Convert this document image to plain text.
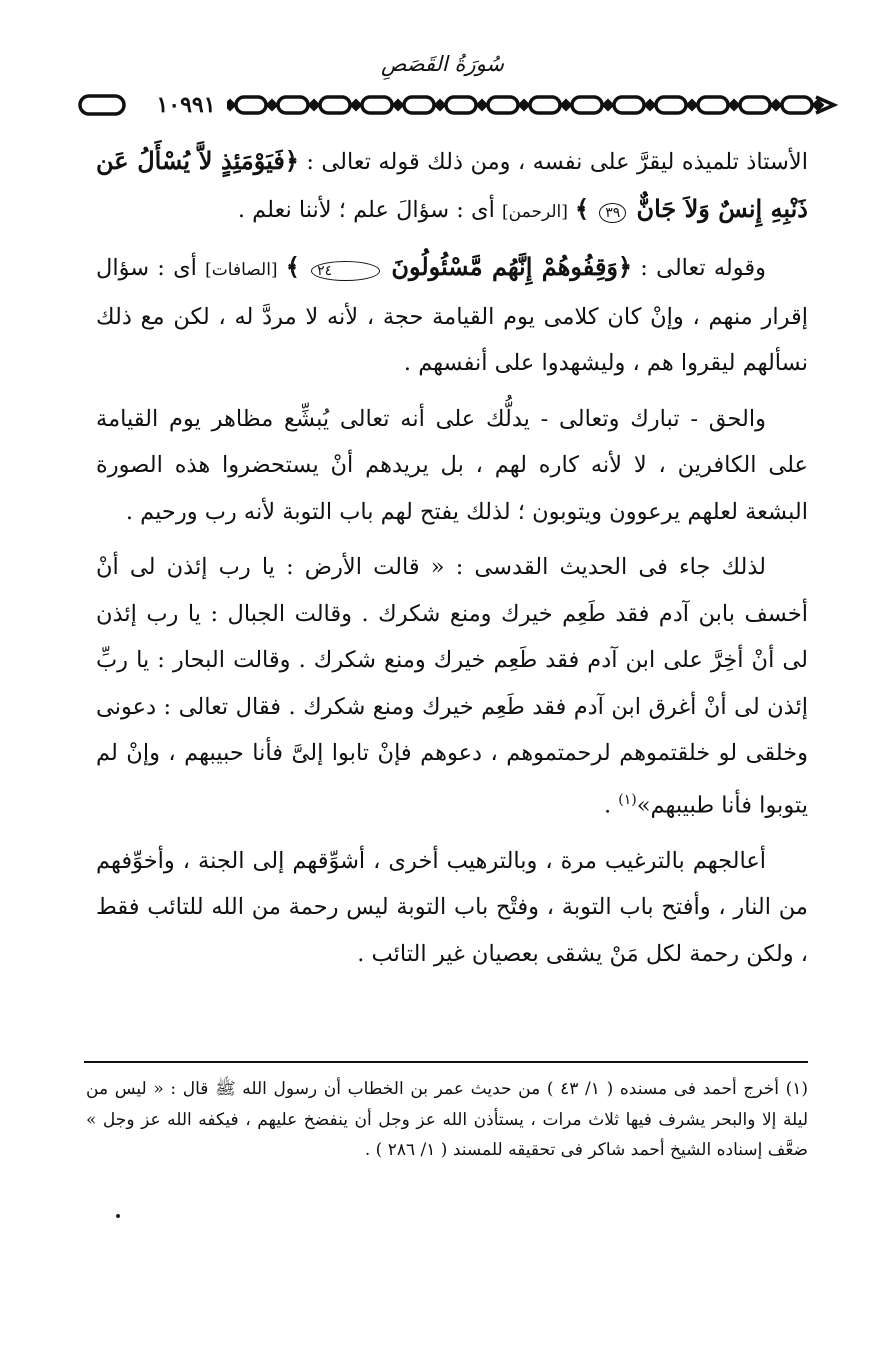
سُورَةُ القَصَصِ
١٠٩٩١

الأستاذ تلميذه ليقرَّ على نفسه ، ومن ذلك قوله تعالى : ﴿فَيَوْمَئِذٍ لاَّ يُسْأَلُ عَن ذَنْبِهِ إِنسٌ وَلاَ جَانٌّ ٣٩ ﴾ [الرحمن] أى : سؤالَ علم ؛ لأننا نعلم .

وقوله تعالى : ﴿وَقِفُوهُمْ إِنَّهُم مَّسْئُولُونَ ٢٤ ﴾ [الصافات] أى : سؤال إقرار منهم ، وإنْ كان كلامى يوم القيامة حجة ، لأنه لا مردَّ له ، لكن مع ذلك نسألهم ليقروا هم ، وليشهدوا على أنفسهم .

والحق - تبارك وتعالى - يدلُّك على أنه تعالى يُبشِّع مظاهر يوم القيامة على الكافرين ، لا لأنه كاره لهم ، بل يريدهم أنْ يستحضروا هذه الصورة البشعة لعلهم يرعوون ويتوبون ؛ لذلك يفتح لهم باب التوبة لأنه رب ورحيم .

لذلك جاء فى الحديث القدسى : « قالت الأرض : يا رب إئذن لى أنْ أخسف بابن آدم فقد طَعِم خيرك ومنع شكرك . وقالت الجبال : يا رب إئذن لى أنْ أخِرَّ على ابن آدم فقد طَعِم خيرك ومنع شكرك . وقالت البحار : يا ربِّ إئذن لى أنْ أغرق ابن آدم فقد طَعِم خيرك ومنع شكرك . فقال تعالى : دعونى وخلقى لو خلقتموهم لرحمتموهم ، دعوهم فإنْ تابوا إلىَّ فأنا حبيبهم ، وإنْ لم يتوبوا فأنا طبيبهم»$^{(١)}$ .

أعالجهم بالترغيب مرة ، وبالترهيب أخرى ، أشوِّقهم إلى الجنة ، وأخوِّفهم من النار ، وأفتح باب التوبة ، وفتْح باب التوبة ليس رحمة من الله للتائب فقط ، ولكن رحمة لكل مَنْ يشقى بعصيان غير التائب .

(١) أخرج أحمد فى مسنده ( ١/ ٤٣ ) من حديث عمر بن الخطاب أن رسول الله ﷺ قال : « ليس من ليلة إلا والبحر يشرف فيها ثلاث مرات ، يستأذن الله عز وجل أن ينفضخ عليهم ، فيكفه الله عز وجل » ضعَّف إسناده الشيخ أحمد شاكر فى تحقيقه للمسند ( ١/ ٢٨٦ ) .
